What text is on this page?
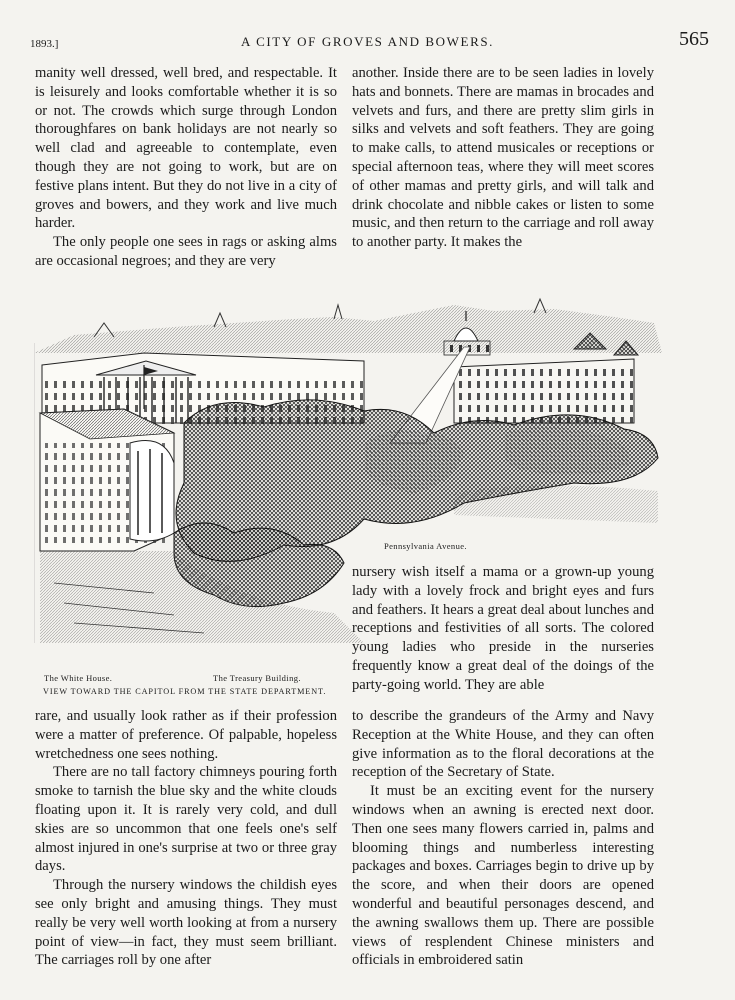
1893.]	A CITY OF GROVES AND BOWERS.	565

manity well dressed, well bred, and respectable. It is leisurely and looks comfortable whether it is so or not. The crowds which surge through London thoroughfares on bank holidays are not nearly so well clad and agreeable to contemplate, even though they are not going to work, but are on festive plans intent. But they do not live in a city of groves and bowers, and they work and live much harder.

The only people one sees in rags or asking alms are occasional negroes; and they are very

another. Inside there are to be seen ladies in lovely hats and bonnets. There are mamas in brocades and velvets and furs, and there are pretty slim girls in silks and velvets and soft feathers. They are going to make calls, to attend musicales or receptions or special afternoon teas, where they will meet scores of other mamas and pretty girls, and will talk and drink chocolate and nibble cakes or listen to some music, and then return to the carriage and roll away to another party. It makes the

nursery wish itself a mama or a grown-up young lady with a lovely frock and bright eyes and furs and feathers. It hears a great deal about lunches and receptions and festivities of all sorts. The colored young ladies who preside in the nurseries frequently know a great deal of the doings of the party-going world. They are able

The White House.	The Treasury Building.
Pennsylvania Avenue.
VIEW TOWARD THE CAPITOL FROM THE STATE DEPARTMENT.

rare, and usually look rather as if their profession were a matter of preference. Of palpable, hopeless wretchedness one sees nothing.

There are no tall factory chimneys pouring forth smoke to tarnish the blue sky and the white clouds floating upon it. It is rarely very cold, and dull skies are so uncommon that one feels one's self almost injured in one's surprise at two or three gray days.

Through the nursery windows the childish eyes see only bright and amusing things. They must really be very well worth looking at from a nursery point of view—in fact, they must seem brilliant. The carriages roll by one after

to describe the grandeurs of the Army and Navy Reception at the White House, and they can often give information as to the floral decorations at the reception of the Secretary of State.

It must be an exciting event for the nursery windows when an awning is erected next door. Then one sees many flowers carried in, palms and blooming things and numberless interesting packages and boxes. Carriages begin to drive up by the score, and when their doors are opened wonderful and beautiful personages descend, and the awning swallows them up. There are possible views of resplendent Chinese ministers and officials in embroidered satin
